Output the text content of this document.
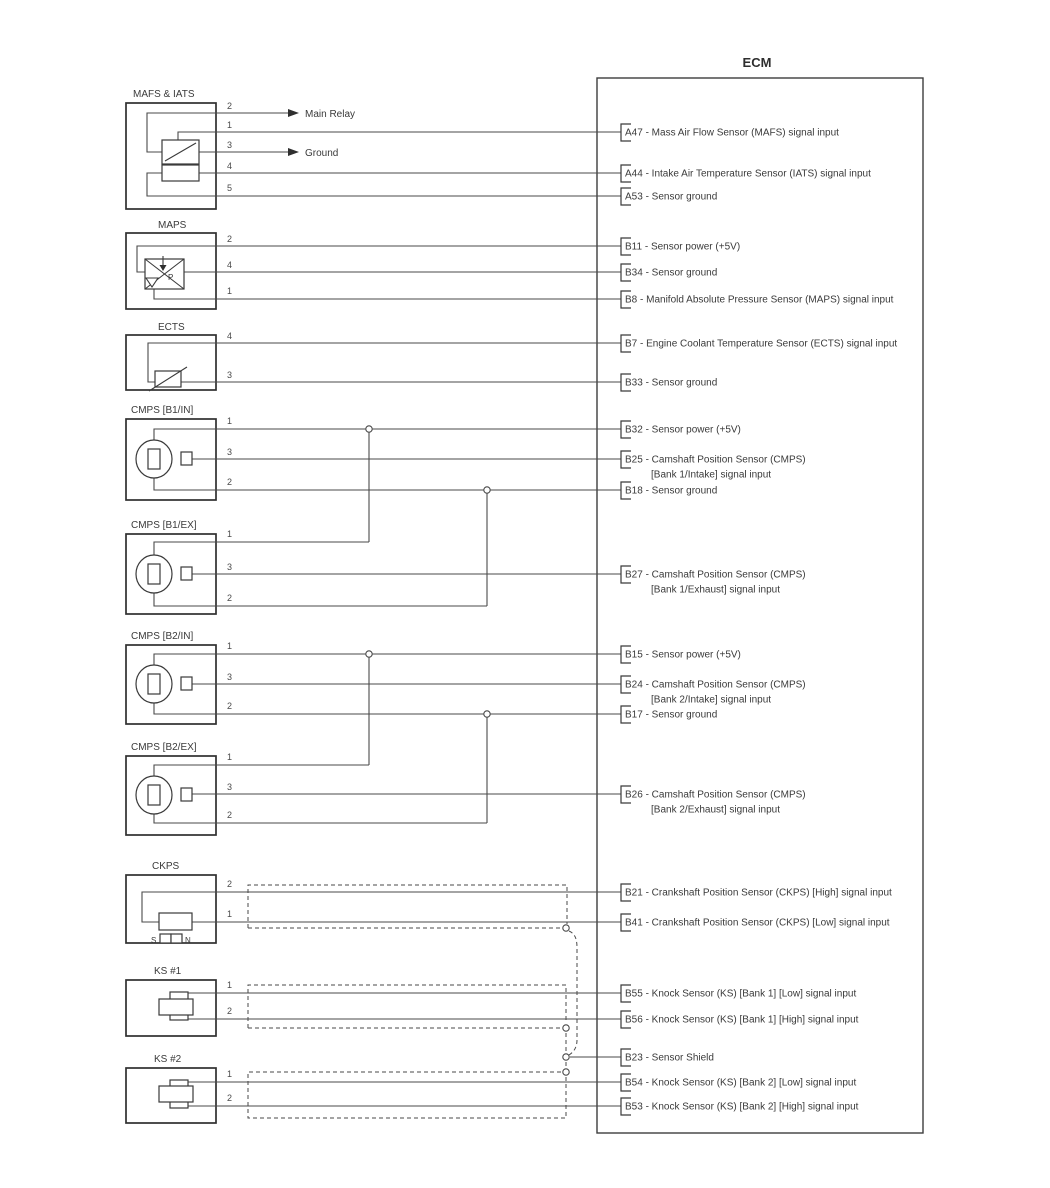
ECM
MAFS & IATS
Main Relay
Ground
2
1
3
4
5
MAPS
P
2
4
1
ECTS
4
3
CMPS [B1/IN]
1
3
2
CMPS [B1/EX]
1
3
2
CMPS [B2/IN]
1
3
2
CMPS [B2/EX]
1
3
2
CKPS
S	N
2
1
KS #1
1
2
KS #2
1
2
A47 - Mass Air Flow Sensor (MAFS) signal input
A44 - Intake Air Temperature Sensor (IATS) signal input
A53 - Sensor ground
B11 - Sensor power (+5V)
B34 - Sensor ground
B8 - Manifold Absolute Pressure Sensor (MAPS) signal input
B7 - Engine Coolant Temperature Sensor (ECTS) signal input
B33 - Sensor ground
B32 - Sensor power (+5V)
B25 - Camshaft Position Sensor (CMPS)
[Bank 1/Intake] signal input
B18 - Sensor ground
B27 - Camshaft Position Sensor (CMPS)
[Bank 1/Exhaust] signal input
B15 - Sensor power (+5V)
B24 - Camshaft Position Sensor (CMPS)
[Bank 2/Intake] signal input
B17 - Sensor ground
B26 - Camshaft Position Sensor (CMPS)
[Bank 2/Exhaust] signal input
B21 - Crankshaft Position Sensor (CKPS) [High] signal input
B41 - Crankshaft Position Sensor (CKPS) [Low] signal input
B55 - Knock Sensor (KS) [Bank 1] [Low] signal input
B56 - Knock Sensor (KS) [Bank 1] [High] signal input
B23 - Sensor Shield
B54 - Knock Sensor (KS) [Bank 2] [Low] signal input
B53 - Knock Sensor (KS) [Bank 2] [High] signal input
